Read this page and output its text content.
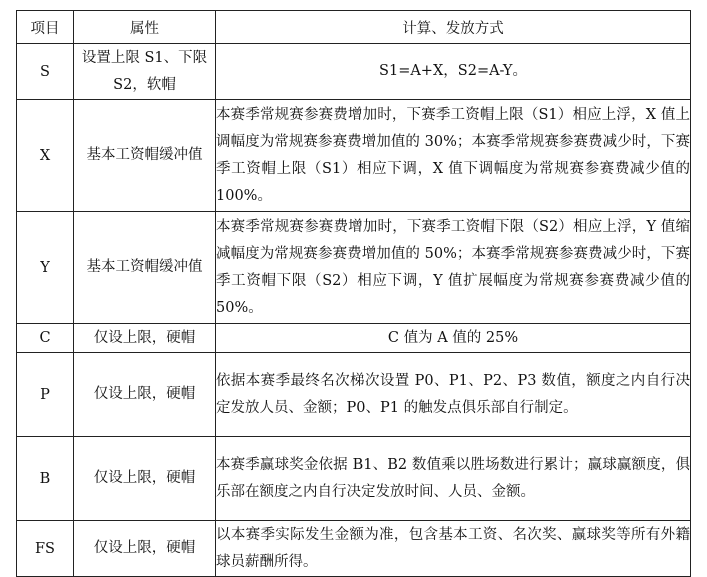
项目	属性	计算、发放方式
S	设置上限 S1、下限 S2，软帽	S1=A+X，S2=A-Y。
X	基本工资帽缓冲值	本赛季常规赛参赛费增加时，下赛季工资帽上限（S1）相应上浮，X 值上调幅度为常规赛参赛费增加值的 30%；本赛季常规赛参赛费减少时，下赛季工资帽上限（S1）相应下调，X 值下调幅度为常规赛参赛费减少值的 100%。
Y	基本工资帽缓冲值	本赛季常规赛参赛费增加时，下赛季工资帽下限（S2）相应上浮，Y 值缩减幅度为常规赛参赛费增加值的 50%；本赛季常规赛参赛费减少时，下赛季工资帽下限（S2）相应下调，Y 值扩展幅度为常规赛参赛费减少值的 50%。
C	仅设上限，硬帽	C 值为 A 值的 25%
P	仅设上限，硬帽	依据本赛季最终名次梯次设置 P0、P1、P2、P3 数值，额度之内自行决定发放人员、金额；P0、P1 的触发点俱乐部自行制定。
B	仅设上限，硬帽	本赛季赢球奖金依据 B1、B2 数值乘以胜场数进行累计；赢球赢额度，俱乐部在额度之内自行决定发放时间、人员、金额。
FS	仅设上限，硬帽	以本赛季实际发生金额为准，包含基本工资、名次奖、赢球奖等所有外籍球员薪酬所得。
